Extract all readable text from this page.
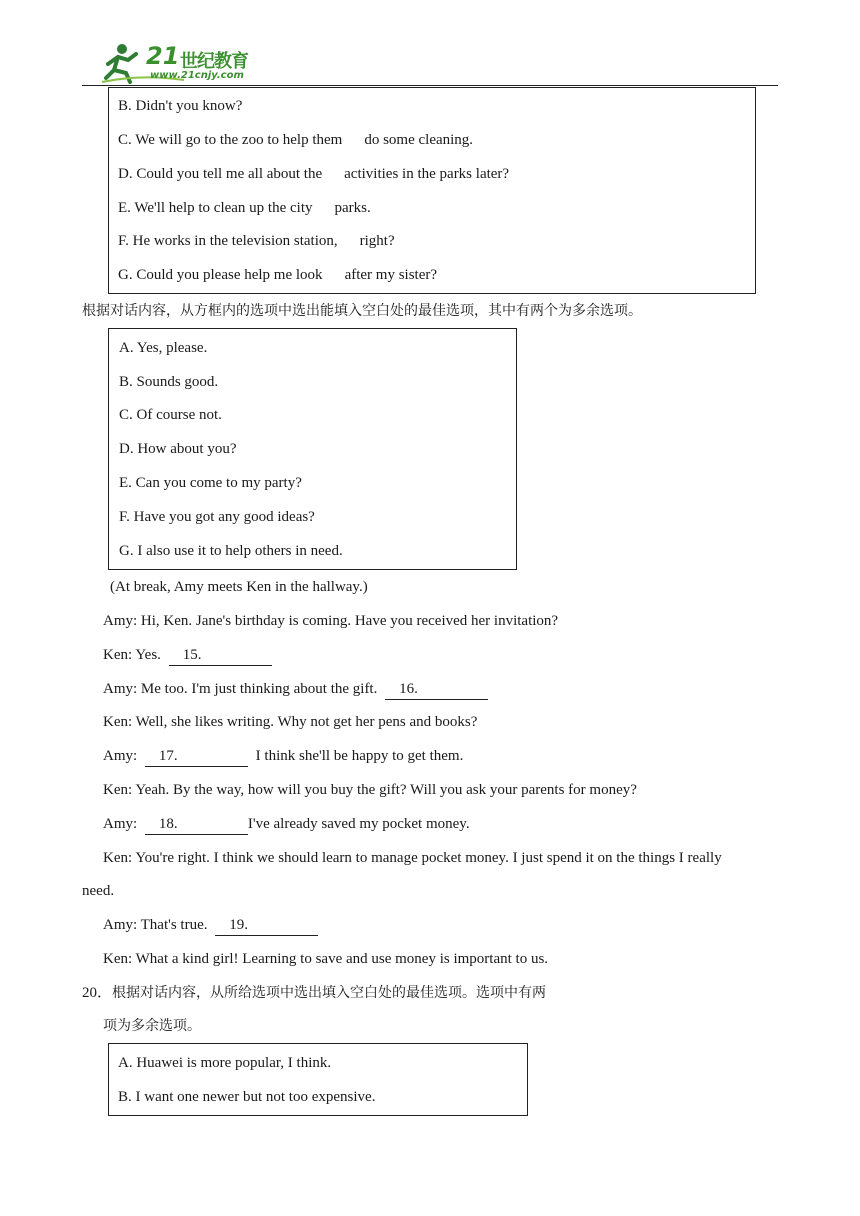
21 世纪教育
www.21cnjy.com
B. Didn't you know?
C. We will go to the zoo to help them do some cleaning.
D. Could you tell me all about the activities in the parks later?
E. We'll help to clean up the city parks.
F. He works in the television station, right?
G. Could you please help me look after my sister?
根据对话内容，从方框内的选项中选出能填入空白处的最佳选项，其中有两个为多余选项。
A. Yes, please.
B. Sounds good.
C. Of course not.
D. How about you?
E. Can you come to my party?
F. Have you got any good ideas?
G. I also use it to help others in need.
(At break, Amy meets Ken in the hallway.)
Amy: Hi, Ken. Jane's birthday is coming. Have you received her invitation?
Ken: Yes. 15.
Amy: Me too. I'm just thinking about the gift. 16.
Ken: Well, she likes writing. Why not get her pens and books?
Amy: 17.	I think she'll be happy to get them.
Ken: Yeah. By the way, how will you buy the gift? Will you ask your parents for money?
Amy: 18.	I've already saved my pocket money.
Ken: You're right. I think we should learn to manage pocket money. I just spend it on the things I really
need.
Amy: That's true. 19.
Ken: What a kind girl! Learning to save and use money is important to us.
20．根据对话内容，从所给选项中选出填入空白处的最佳选项。选项中有两
项为多余选项。
A. Huawei is more popular, I think.
B. I want one newer but not too expensive.
